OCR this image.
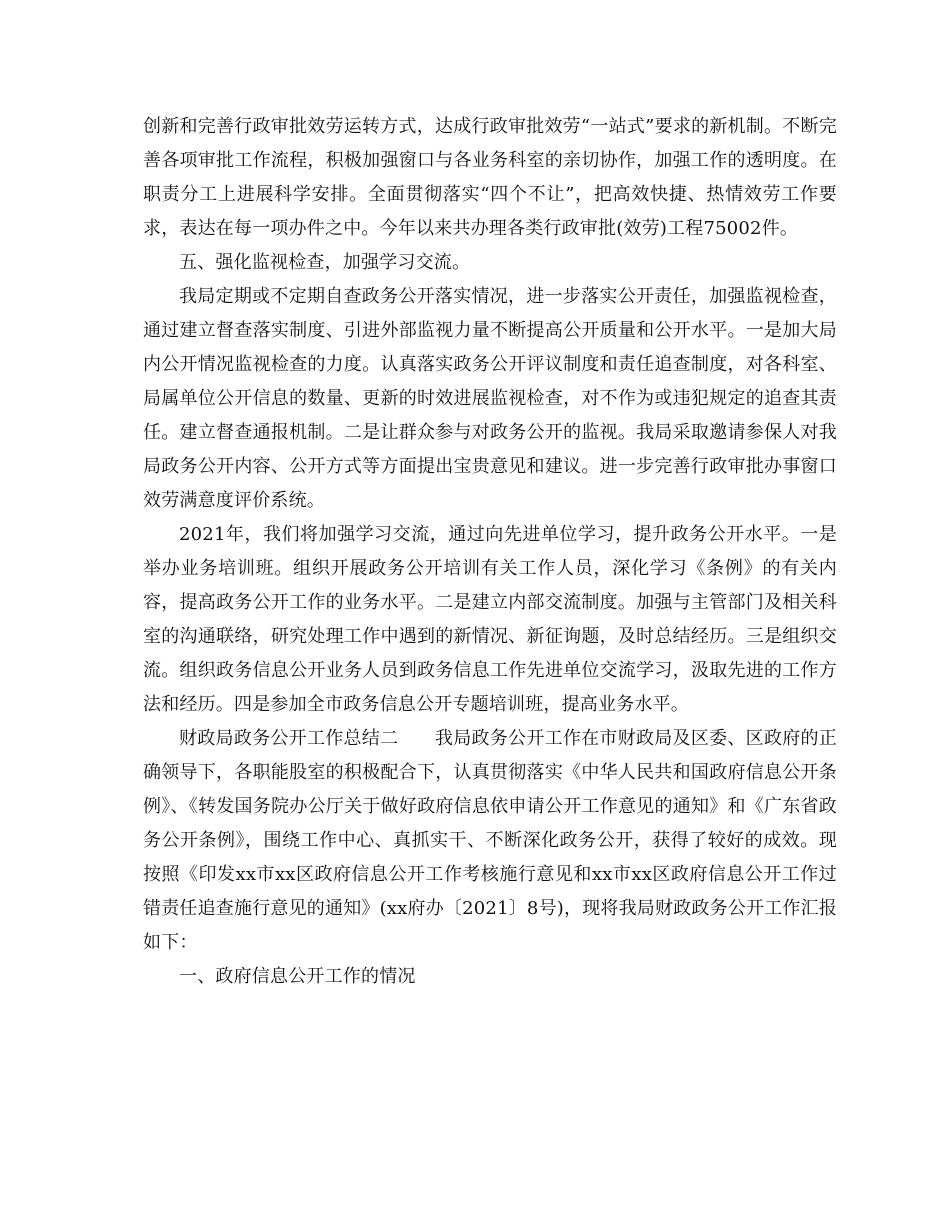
创新和完善行政审批效劳运转方式，达成行政审批效劳“一站式”要求的新机制。不断完善各项审批工作流程，积极加强窗口与各业务科室的亲切协作，加强工作的透明度。在职责分工上进展科学安排。全面贯彻落实“四个不让”，把高效快捷、热情效劳工作要求，表达在每一项办件之中。今年以来共办理各类行政审批(效劳)工程75002件。

五、强化监视检查，加强学习交流。

我局定期或不定期自查政务公开落实情况，进一步落实公开责任，加强监视检查，通过建立督查落实制度、引进外部监视力量不断提高公开质量和公开水平。一是加大局内公开情况监视检查的力度。认真落实政务公开评议制度和责任追查制度，对各科室、局属单位公开信息的数量、更新的时效进展监视检查，对不作为或违犯规定的追查其责任。建立督查通报机制。二是让群众参与对政务公开的监视。我局采取邀请参保人对我局政务公开内容、公开方式等方面提出宝贵意见和建议。进一步完善行政审批办事窗口效劳满意度评价系统。

2021年，我们将加强学习交流，通过向先进单位学习，提升政务公开水平。一是举办业务培训班。组织开展政务公开培训有关工作人员，深化学习《条例》的有关内容，提高政务公开工作的业务水平。二是建立内部交流制度。加强与主管部门及相关科室的沟通联络，研究处理工作中遇到的新情况、新征询题，及时总结经历。三是组织交流。组织政务信息公开业务人员到政务信息工作先进单位交流学习，汲取先进的工作方法和经历。四是参加全市政务信息公开专题培训班，提高业务水平。

财政局政务公开工作总结二　　我局政务公开工作在市财政局及区委、区政府的正确领导下，各职能股室的积极配合下，认真贯彻落实《中华人民共和国政府信息公开条例》、《转发国务院办公厅关于做好政府信息依申请公开工作意见的通知》和《广东省政务公开条例》，围绕工作中心、真抓实干、不断深化政务公开，获得了较好的成效。现按照《印发xx市xx区政府信息公开工作考核施行意见和xx市xx区政府信息公开工作过错责任追查施行意见的通知》(xx府办〔2021〕8号)，现将我局财政政务公开工作汇报如下：

一、政府信息公开工作的情况
